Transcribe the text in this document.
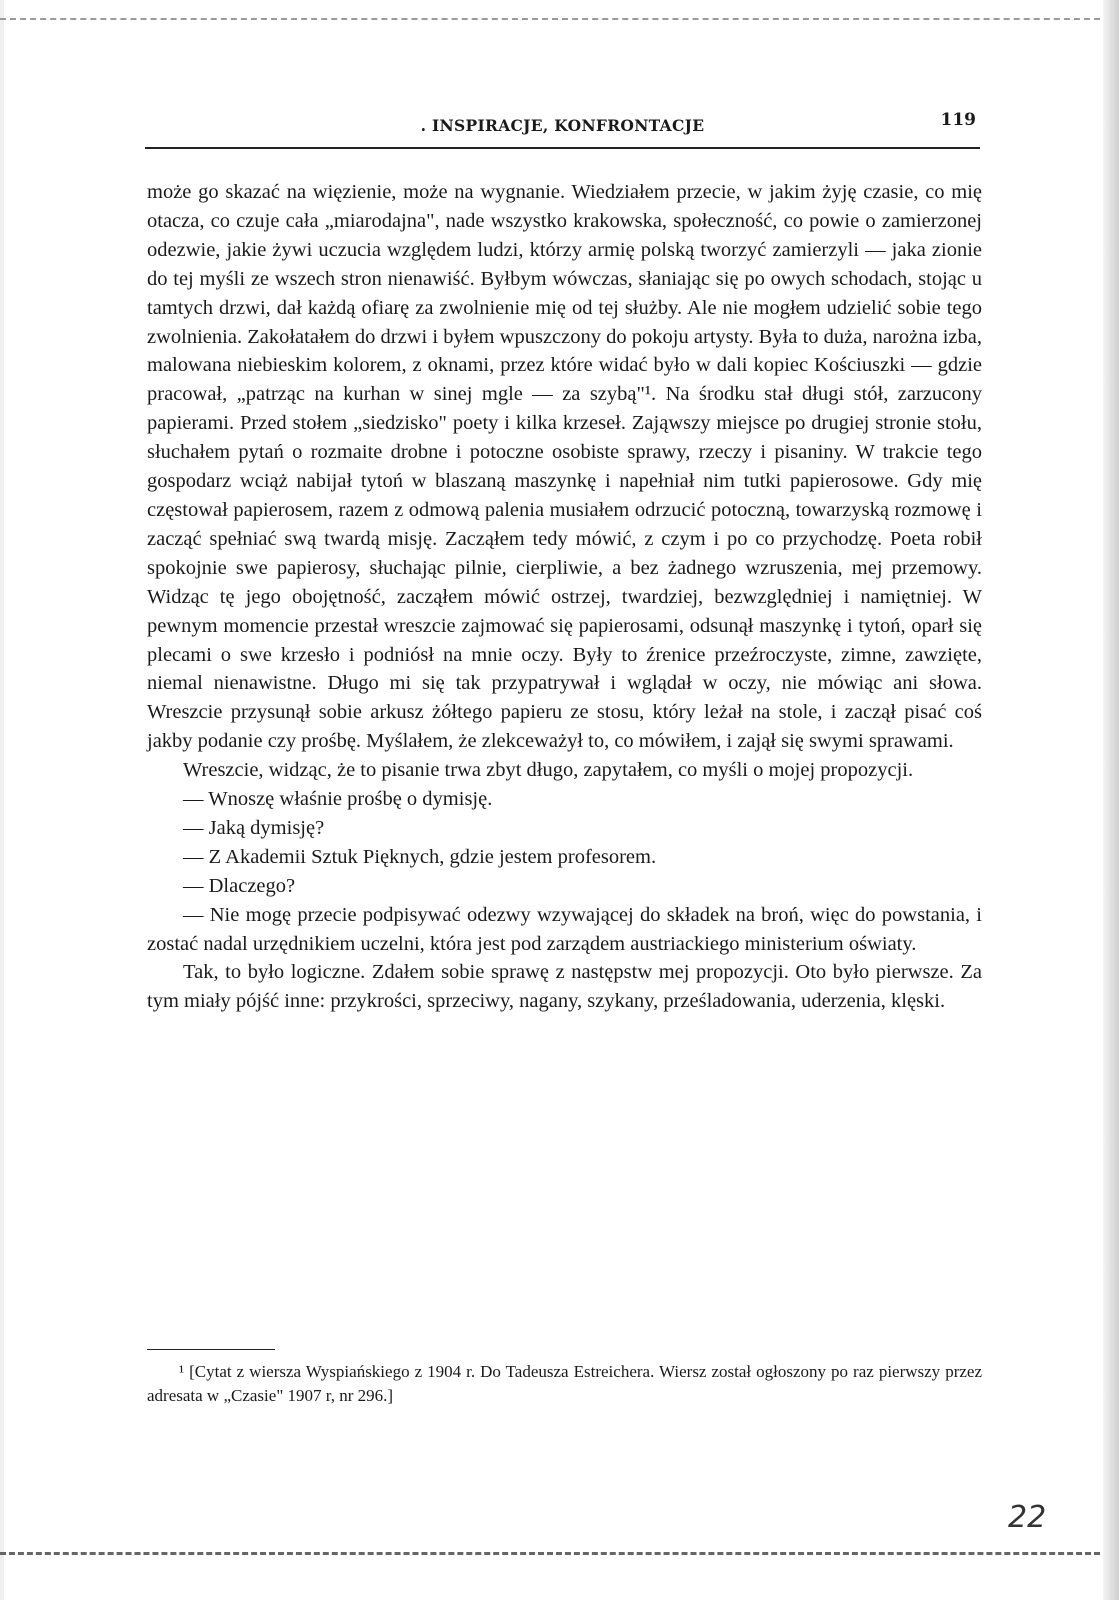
. INSPIRACJE, KONFRONTACJE	119

może go skazać na więzienie, może na wygnanie. Wiedziałem przecie, w jakim żyję czasie, co mię otacza, co czuje cała „miarodajna", nade wszystko krakowska, społeczność, co powie o zamierzonej odezwie, jakie żywi uczucia względem ludzi, którzy armię polską tworzyć zamierzyli — jaka zionie do tej myśli ze wszech stron nienawiść. Byłbym wówczas, słaniając się po owych schodach, stojąc u tamtych drzwi, dał każdą ofiarę za zwolnienie mię od tej służby. Ale nie mogłem udzielić sobie tego zwolnienia. Zakołatałem do drzwi i byłem wpuszczony do pokoju artysty. Była to duża, narożna izba, malowana niebieskim kolorem, z oknami, przez które widać było w dali kopiec Kościuszki — gdzie pracował, „patrząc na kurhan w sinej mgle — za szybą"¹. Na środku stał długi stół, zarzucony papierami. Przed stołem „siedzisko" poety i kilka krzeseł. Zająwszy miejsce po drugiej stronie stołu, słuchałem pytań o rozmaite drobne i potoczne osobiste sprawy, rzeczy i pisaniny. W trakcie tego gospodarz wciąż nabijał tytoń w blaszaną maszynkę i napełniał nim tutki papierosowe. Gdy mię częstował papierosem, razem z odmową palenia musiałem odrzucić potoczną, towarzyską rozmowę i zacząć spełniać swą twardą misję. Zacząłem tedy mówić, z czym i po co przychodzę. Poeta robił spokojnie swe papierosy, słuchając pilnie, cierpliwie, a bez żadnego wzruszenia, mej przemowy. Widząc tę jego obojętność, zacząłem mówić ostrzej, twardziej, bezwzględniej i namiętniej. W pewnym momencie przestał wreszcie zajmować się papierosami, odsunął maszynkę i tytoń, oparł się plecami o swe krzesło i podniósł na mnie oczy. Były to źrenice przeźroczyste, zimne, zawzięte, niemal nienawistne. Długo mi się tak przypatrywał i wglądał w oczy, nie mówiąc ani słowa. Wreszcie przysunął sobie arkusz żółtego papieru ze stosu, który leżał na stole, i zaczął pisać coś jakby podanie czy prośbę. Myślałem, że zlekceważył to, co mówiłem, i zajął się swymi sprawami.

Wreszcie, widząc, że to pisanie trwa zbyt długo, zapytałem, co myśli o mojej propozycji.

— Wnoszę właśnie prośbę o dymisję.

— Jaką dymisję?

— Z Akademii Sztuk Pięknych, gdzie jestem profesorem.

— Dlaczego?

— Nie mogę przecie podpisywać odezwy wzywającej do składek na broń, więc do powstania, i zostać nadal urzędnikiem uczelni, która jest pod zarządem austriackiego ministerium oświaty.

Tak, to było logiczne. Zdałem sobie sprawę z następstw mej propozycji. Oto było pierwsze. Za tym miały pójść inne: przykrości, sprzeciwy, nagany, szykany, prześladowania, uderzenia, klęski.

¹ [Cytat z wiersza Wyspiańskiego z 1904 r. Do Tadeusza Estreichera. Wiersz został ogłoszony po raz pierwszy przez adresata w „Czasie" 1907 r, nr 296.]

22
